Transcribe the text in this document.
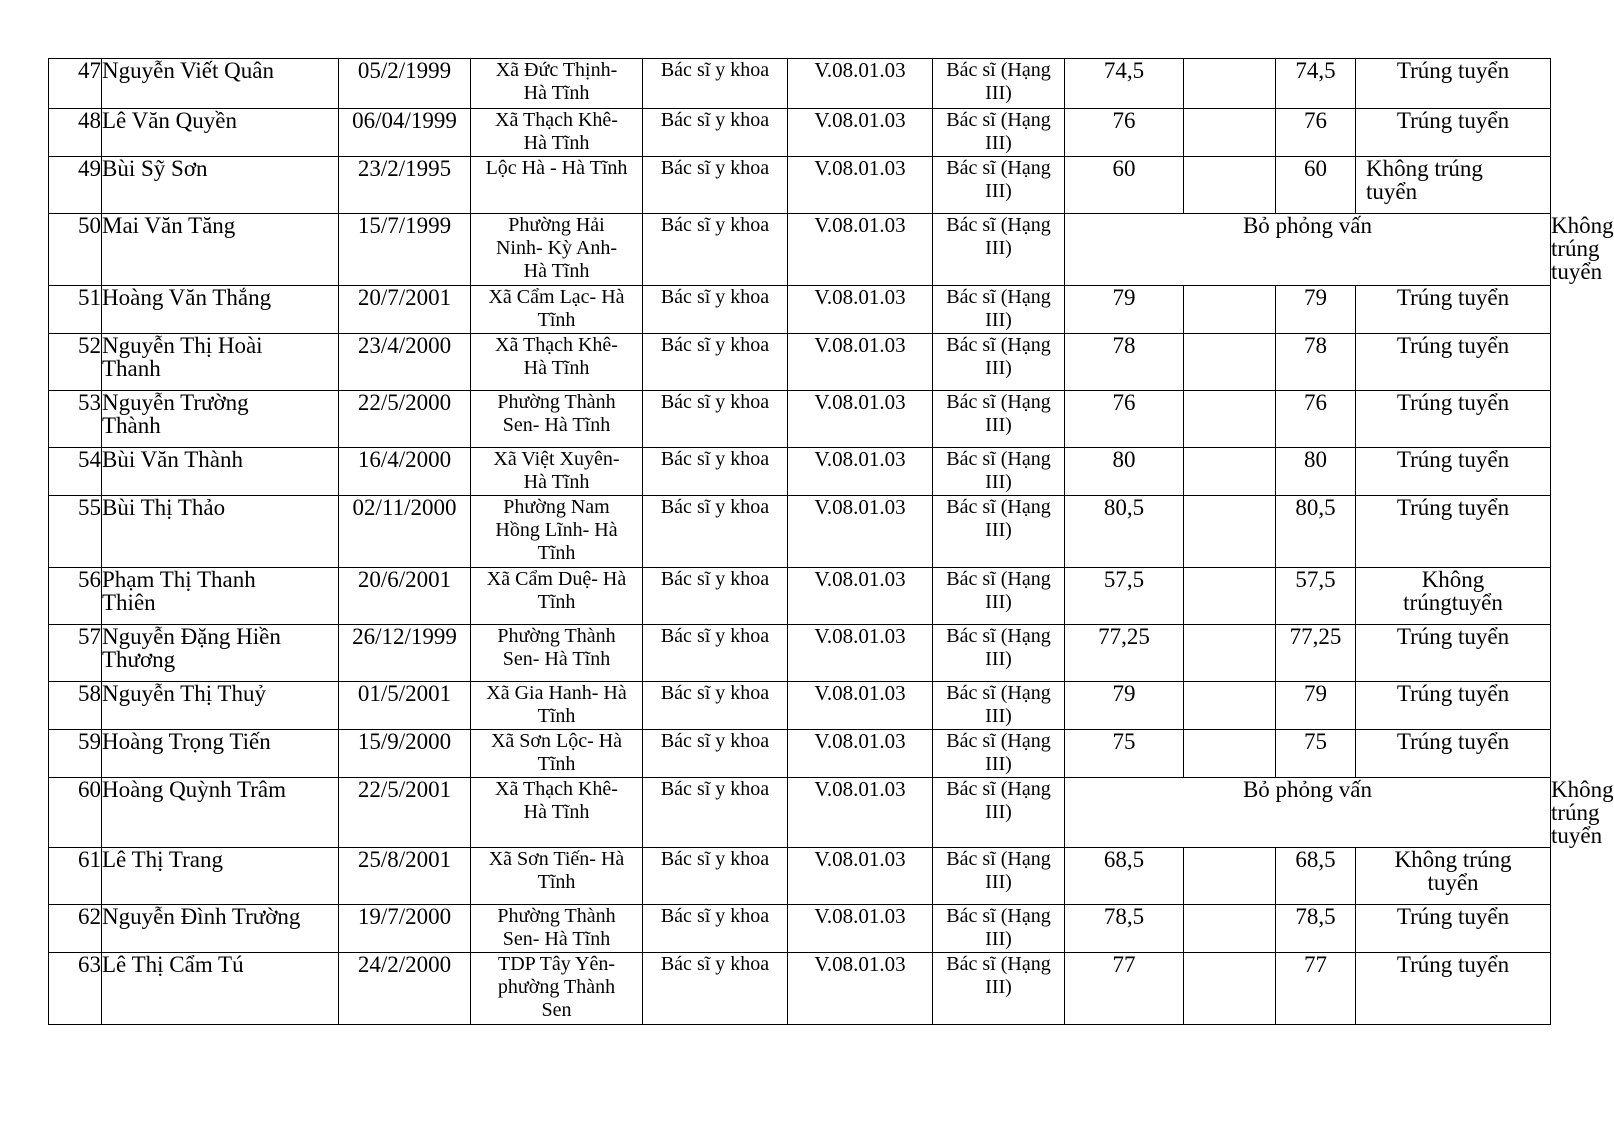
47	Nguyễn Viết Quân	05/2/1999	Xã Đức Thịnh-
Hà Tĩnh	Bác sĩ y khoa	V.08.01.03	Bác sĩ (Hạng
III)	74,5		74,5	Trúng tuyển	
48	Lê Văn Quyền	06/04/1999	Xã Thạch Khê-
Hà Tĩnh	Bác sĩ y khoa	V.08.01.03	Bác sĩ (Hạng
III)	76		76	Trúng tuyển	
49	Bùi Sỹ Sơn	23/2/1995	Lộc Hà - Hà Tĩnh	Bác sĩ y khoa	V.08.01.03	Bác sĩ (Hạng
III)	60		60	Không trúng
tuyển	
50	Mai Văn Tăng	15/7/1999	Phường Hải
Ninh- Kỳ Anh-
Hà Tĩnh	Bác sĩ y khoa	V.08.01.03	Bác sĩ (Hạng
III)	Bỏ phỏng vấn				Không trúng
tuyển
51	Hoàng Văn Thắng	20/7/2001	Xã Cẩm Lạc- Hà
Tĩnh	Bác sĩ y khoa	V.08.01.03	Bác sĩ (Hạng
III)	79		79	Trúng tuyển	
52	Nguyễn Thị Hoài
Thanh	23/4/2000	Xã Thạch Khê-
Hà Tĩnh	Bác sĩ y khoa	V.08.01.03	Bác sĩ (Hạng
III)	78		78	Trúng tuyển	
53	Nguyễn Trường
Thành	22/5/2000	Phường Thành
Sen- Hà Tĩnh	Bác sĩ y khoa	V.08.01.03	Bác sĩ (Hạng
III)	76		76	Trúng tuyển	
54	Bùi Văn Thành	16/4/2000	Xã Việt Xuyên-
Hà Tĩnh	Bác sĩ y khoa	V.08.01.03	Bác sĩ (Hạng
III)	80		80	Trúng tuyển	
55	Bùi Thị Thảo	02/11/2000	Phường Nam
Hồng Lĩnh- Hà
Tĩnh	Bác sĩ y khoa	V.08.01.03	Bác sĩ (Hạng
III)	80,5		80,5	Trúng tuyển	
56	Phạm Thị Thanh
Thiên	20/6/2001	Xã Cẩm Duệ- Hà
Tĩnh	Bác sĩ y khoa	V.08.01.03	Bác sĩ (Hạng
III)	57,5		57,5	Không
trúngtuyển	
57	Nguyễn Đặng Hiền
Thương	26/12/1999	Phường Thành
Sen- Hà Tĩnh	Bác sĩ y khoa	V.08.01.03	Bác sĩ (Hạng
III)	77,25		77,25	Trúng tuyển	
58	Nguyễn Thị Thuỷ	01/5/2001	Xã Gia Hanh- Hà
Tĩnh	Bác sĩ y khoa	V.08.01.03	Bác sĩ (Hạng
III)	79		79	Trúng tuyển	
59	Hoàng Trọng Tiến	15/9/2000	Xã Sơn Lộc- Hà
Tĩnh	Bác sĩ y khoa	V.08.01.03	Bác sĩ (Hạng
III)	75		75	Trúng tuyển	
60	Hoàng Quỳnh Trâm	22/5/2001	Xã Thạch Khê-
Hà Tĩnh	Bác sĩ y khoa	V.08.01.03	Bác sĩ (Hạng
III)	Bỏ phỏng vấn				Không trúng
tuyển
61	Lê Thị Trang	25/8/2001	Xã Sơn Tiến- Hà
Tĩnh	Bác sĩ y khoa	V.08.01.03	Bác sĩ (Hạng
III)	68,5		68,5	Không trúng
tuyển	
62	Nguyễn Đình Trường	19/7/2000	Phường Thành
Sen- Hà Tĩnh	Bác sĩ y khoa	V.08.01.03	Bác sĩ (Hạng
III)	78,5		78,5	Trúng tuyển	
63	Lê Thị Cẩm Tú	24/2/2000	TDP Tây Yên-
phường Thành
Sen	Bác sĩ y khoa	V.08.01.03	Bác sĩ (Hạng
III)	77		77	Trúng tuyển	
